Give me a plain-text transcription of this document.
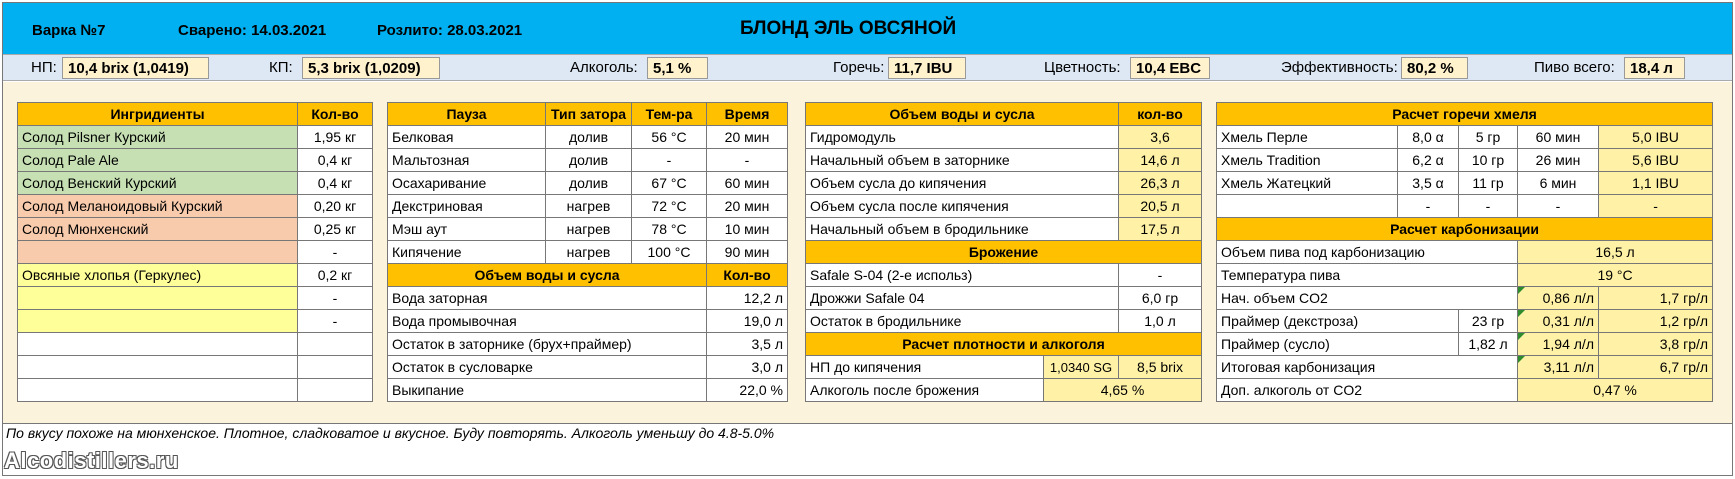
Варка №7	Сварено: 14.03.2021	Розлито: 28.03.2021	БЛОНД ЭЛЬ ОВСЯНОЙ
НП: 10,4 brix (1,0419)	КП:	5,3 brix (1,0209)	Алкоголь:	5,1 %	Горечь: 11,7 IBU	Цветность:	10,4 EBC	Эффективность: 80,2 %	Пиво всего:	18,4 л
Ингридиенты	Кол-во
Солод Pilsner Курский	1,95 кг
Солод Pale Ale	0,4 кг
Солод Венский Курский	0,4 кг
Солод Меланоидовый Курский	0,20 кг
Солод Мюнхенский	0,25 кг
	-
Овсяные хлопья (Геркулес)	0,2 кг
	-
	-

Пауза	Тип затора	Тем-ра	Время
Белковая	долив	56 °C	20 мин
Мальтозная	долив	-	-
Осахаривание	долив	67 °C	60 мин
Декстриновая	нагрев	72 °C	20 мин
Мэш аут	нагрев	78 °C	10 мин
Кипячение	нагрев	100 °C	90 мин
Объем воды и сусла			Кол-во
Вода заторная			12,2 л
Вода промывочная			19,0 л
Остаток в заторнике (брух+праймер)			3,5 л
Остаток в сусловарке			3,0 л
Выкипание			22,0 %
Объем воды и сусла		кол-во
Гидромодуль		3,6
Начальный объем в заторнике		14,6 л
Объем сусла до кипячения		26,3 л
Объем сусла после кипячения		20,5 л
Начальный объем в бродильнике		17,5 л
Брожение		
Safale S-04 (2-е использ)		-
Дрожжи Safale 04		6,0 гр
Остаток в бродильнике		1,0 л
Расчет плотности и алкоголя		
НП до кипячения	1,0340 SG	8,5 brix
Алкоголь после брожения	4,65 %	
Расчет горечи хмеля				
Хмель Перле	8,0 α	5 гр	60 мин	5,0 IBU
Хмель Tradition	6,2 α	10 гр	26 мин	5,6 IBU
Хмель Жатецкий	3,5 α	11 гр	6 мин	1,1 IBU
	-	-	-	-
Расчет карбонизации				
Объем пива под карбонизацию			16,5 л	
Температура пива			19 °C	
Нач. объем CO2			0,86 л/л	1,7 гр/л
Праймер (декстроза)		23 гр	0,31 л/л	1,2 гр/л
Праймер (сусло)		1,82 л	1,94 л/л	3,8 гр/л
Итоговая карбонизация			3,11 л/л	6,7 гр/л
Доп. алкоголь от CO2			0,47 %	
По вкусу похоже на мюнхенское. Плотное, сладковатое и вкусное. Буду повторять. Алкоголь уменьшу до 4.8-5.0%
Alcodistillers.ru
